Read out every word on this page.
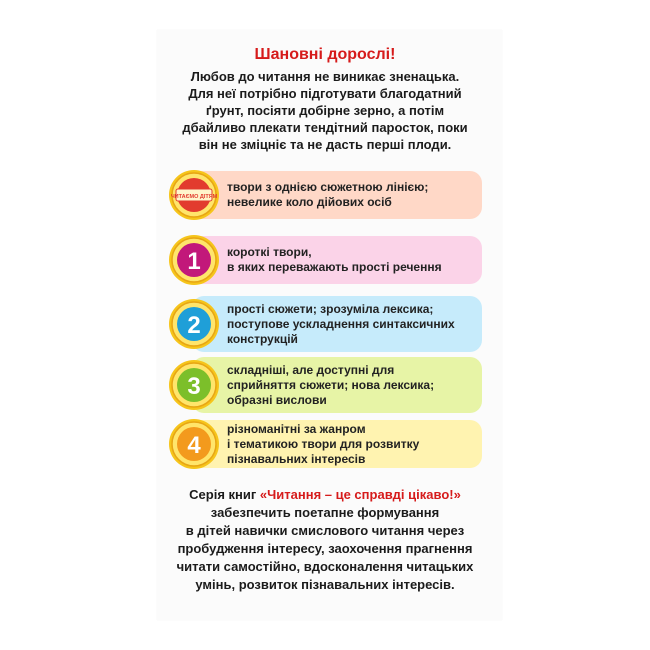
Шановні дорослі!
Любов до читання не виникає зненацька.
Для неї потрібно підготувати благодатний
ґрунт, посіяти добірне зерно, а потім
дбайливо плекати тендітний паросток, поки
він не зміцніє та не дасть перші плоди.
твори з однією сюжетною лінією;
невелике коло дійових осіб
ЧИТАЄМО ДІТЯМ
короткі твори,
в яких переважають прості речення
1
прості сюжети; зрозуміла лексика;
поступове ускладнення синтаксичних
конструкцій
2
складніші, але доступні для
сприйняття сюжети; нова лексика;
образні вислови
3
різноманітні за жанром
і тематикою твори для розвитку
пізнавальних інтересів
4
Серія книг «Читання – це справді цікаво!»
забезпечить поетапне формування
в дітей навички смислового читання через
пробудження інтересу, заохочення прагнення
читати самостійно, вдосконалення читацьких
умінь, розвиток пізнавальних інтересів.
